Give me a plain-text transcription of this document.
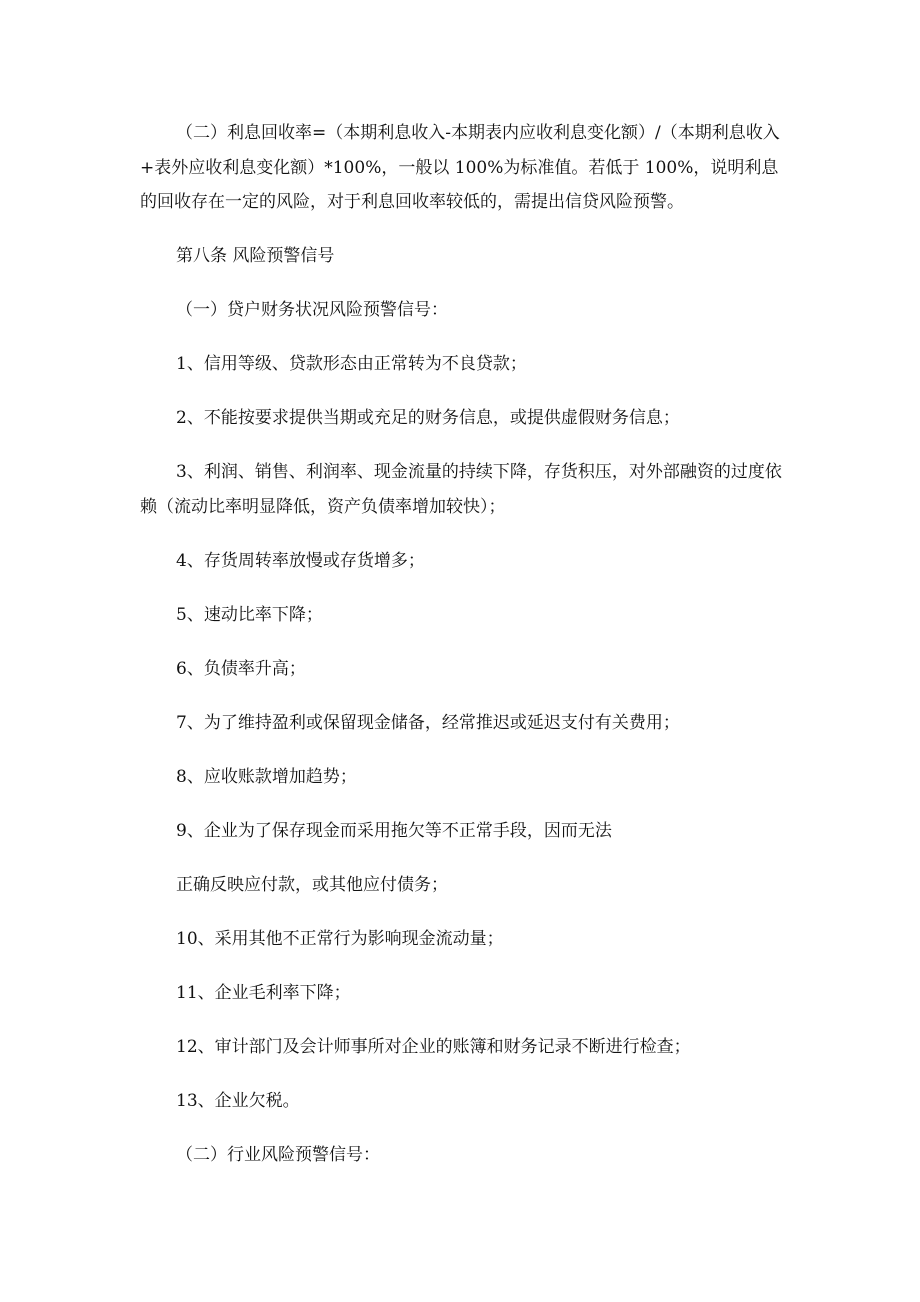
（二）利息回收率=（本期利息收入-本期表内应收利息变化额）/（本期利息收入+表外应收利息变化额）*100%，一般以 100%为标准值。若低于 100%，说明利息的回收存在一定的风险，对于利息回收率较低的，需提出信贷风险预警。

第八条 风险预警信号

（一）贷户财务状况风险预警信号：

1、信用等级、贷款形态由正常转为不良贷款；

2、不能按要求提供当期或充足的财务信息，或提供虚假财务信息；

3、利润、销售、利润率、现金流量的持续下降，存货积压，对外部融资的过度依赖（流动比率明显降低，资产负债率增加较快）；

4、存货周转率放慢或存货增多；

5、速动比率下降；

6、负债率升高；

7、为了维持盈利或保留现金储备，经常推迟或延迟支付有关费用；

8、应收账款增加趋势；

9、企业为了保存现金而采用拖欠等不正常手段，因而无法

正确反映应付款，或其他应付债务；

10、采用其他不正常行为影响现金流动量；

11、企业毛利率下降；

12、审计部门及会计师事所对企业的账簿和财务记录不断进行检查；

13、企业欠税。

（二）行业风险预警信号：
